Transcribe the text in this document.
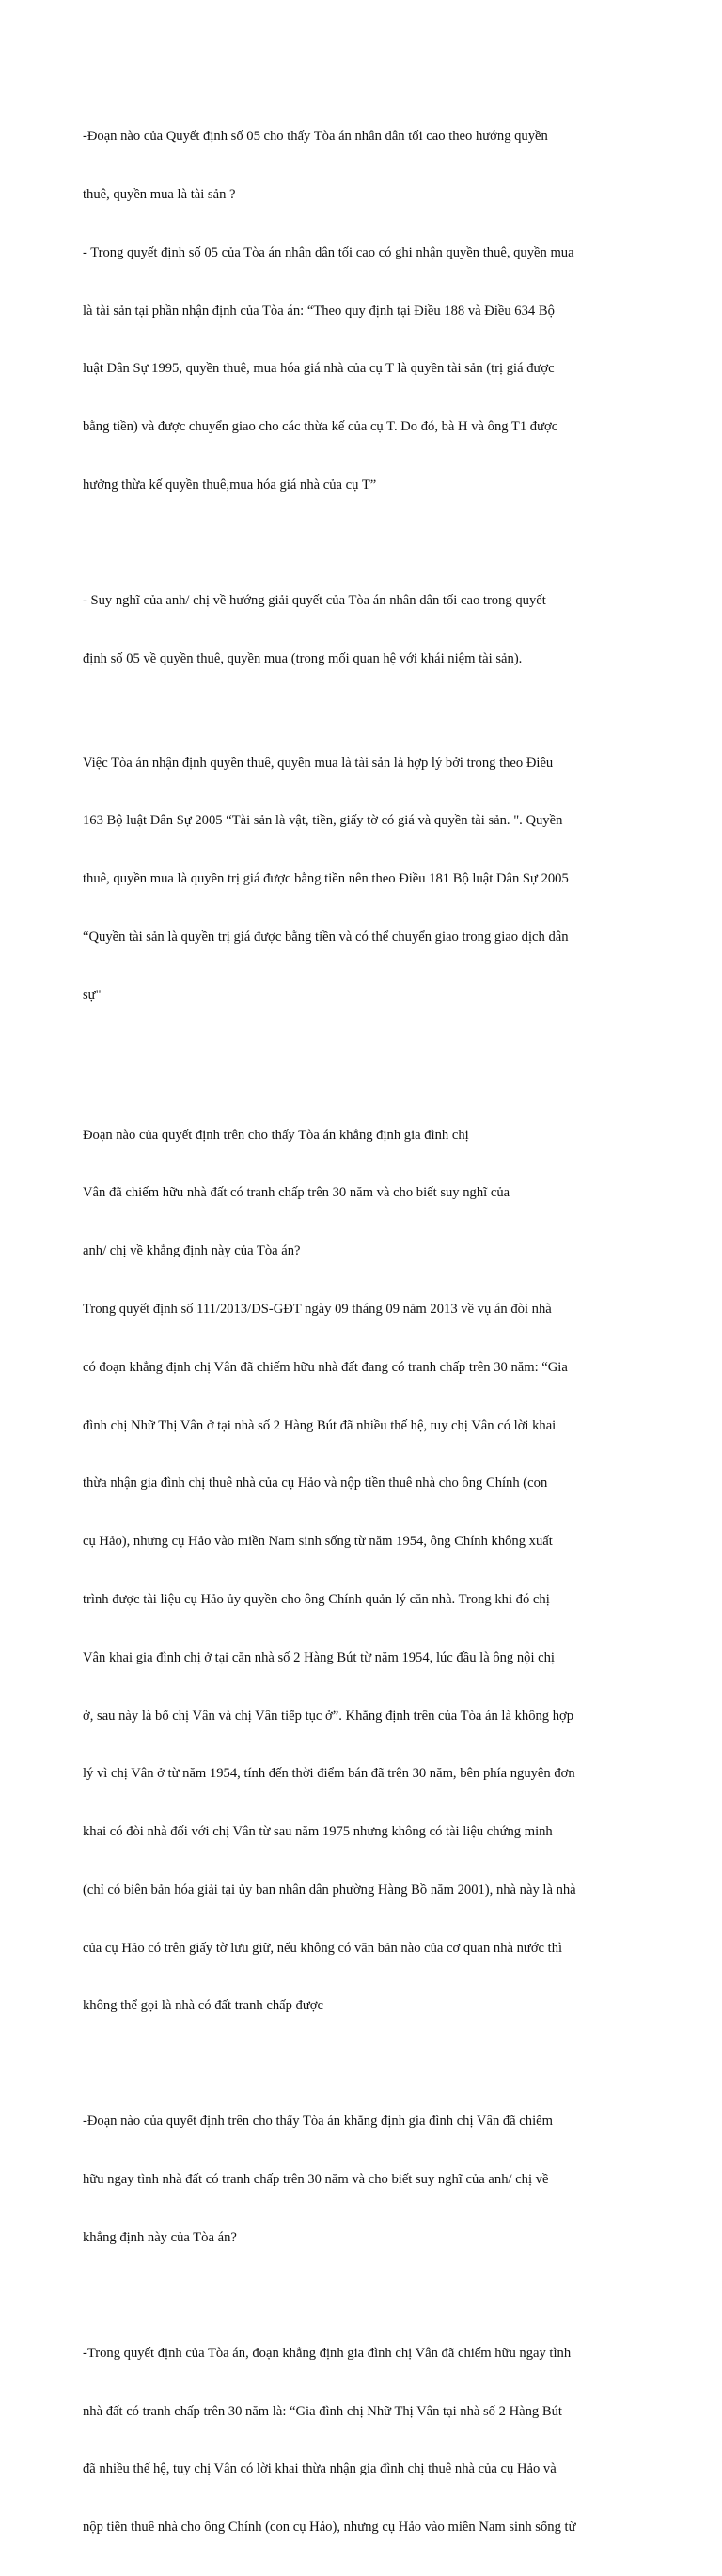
-Đoạn nào của Quyết định số 05 cho thấy Tòa án nhân dân tối cao theo hướng quyền

thuê, quyền mua là tài sản ?

- Trong quyết định số 05 của Tòa án nhân dân tối cao có ghi nhận quyền thuê, quyền mua

là tài sản tại phần nhận định của Tòa án: “Theo quy định tại Điều 188 và Điều 634 Bộ

luật Dân Sự 1995, quyền thuê, mua hóa giá nhà của cụ T là quyền tài sản (trị giá được

bằng tiền) và được chuyển giao cho các thừa kế của cụ T. Do đó, bà H và ông T1 được

hưởng thừa kế quyền thuê,mua hóa giá nhà của cụ T”

- Suy nghĩ của anh/ chị về hướng giải quyết của Tòa án nhân dân tối cao trong quyết

định số 05 về quyền thuê, quyền mua (trong mối quan hệ với khái niệm tài sản).

Việc Tòa án nhận định quyền thuê, quyền mua là tài sản là hợp lý bởi trong theo Điều

163 Bộ luật Dân Sự 2005 “Tài sản là vật, tiền, giấy tờ có giá và quyền tài sản. ". Quyền

thuê, quyền mua là quyền trị giá được bằng tiền nên theo Điều 181 Bộ luật Dân Sự 2005

“Quyền tài sản là quyền trị giá được bằng tiền và có thể chuyển giao trong giao dịch dân

sự"

Đoạn nào của quyết định trên cho thấy Tòa án khẳng định gia đình chị

Vân đã chiếm hữu nhà đất có tranh chấp trên 30 năm và cho biết suy nghĩ của

anh/ chị về khẳng định này của Tòa án?

Trong quyết định số 111/2013/DS-GĐT ngày 09 tháng 09 năm 2013 về vụ án đòi nhà

có đoạn khẳng định chị Vân đã chiếm hữu nhà đất đang có tranh chấp trên 30 năm: “Gia

đình chị Nhữ Thị Vân ở tại nhà số 2 Hàng Bút đã nhiều thế hệ, tuy chị Vân có lời khai

thừa nhận gia đình chị thuê nhà của cụ Hảo và nộp tiền thuê nhà cho ông Chính (con

cụ Hảo), nhưng cụ Hảo vào miền Nam sinh sống từ năm 1954, ông Chính không xuất

trình được tài liệu cụ Hảo ủy quyền cho ông Chính quản lý căn nhà. Trong khi đó chị

Vân khai gia đình chị ở tại căn nhà số 2 Hàng Bút từ năm 1954, lúc đầu là ông nội chị

ở, sau này là bố chị Vân và chị Vân tiếp tục ở”. Khẳng định trên của Tòa án là không hợp

lý vì chị Vân ở từ năm 1954, tính đến thời điểm bán đã trên 30 năm, bên phía nguyên đơn

khai có đòi nhà đối với chị Vân từ sau năm 1975 nhưng không có tài liệu chứng minh

(chỉ có biên bản hóa giải tại ủy ban nhân dân phường Hàng Bồ năm 2001), nhà này là nhà

của cụ Hảo có trên giấy tờ lưu giữ, nếu không có văn bản nào của cơ quan nhà nước thì

không thể gọi là nhà có đất tranh chấp được

-Đoạn nào của quyết định trên cho thấy Tòa án khẳng định gia đình chị Vân đã chiếm

hữu ngay tình nhà đất có tranh chấp trên 30 năm và cho biết suy nghĩ của anh/ chị về

khẳng định này của Tòa án?

-Trong quyết định của Tòa án, đoạn khẳng định gia đình chị Vân đã chiếm hữu ngay tình

nhà đất có tranh chấp trên 30 năm là: “Gia đình chị Nhữ Thị Vân tại nhà số 2 Hàng Bút

đã nhiều thế hệ, tuy chị Vân có lời khai thừa nhận gia đình chị thuê nhà của cụ Hảo và

nộp tiền thuê nhà cho ông Chính (con cụ Hảo), nhưng cụ Hảo vào miền Nam sinh sống từ
